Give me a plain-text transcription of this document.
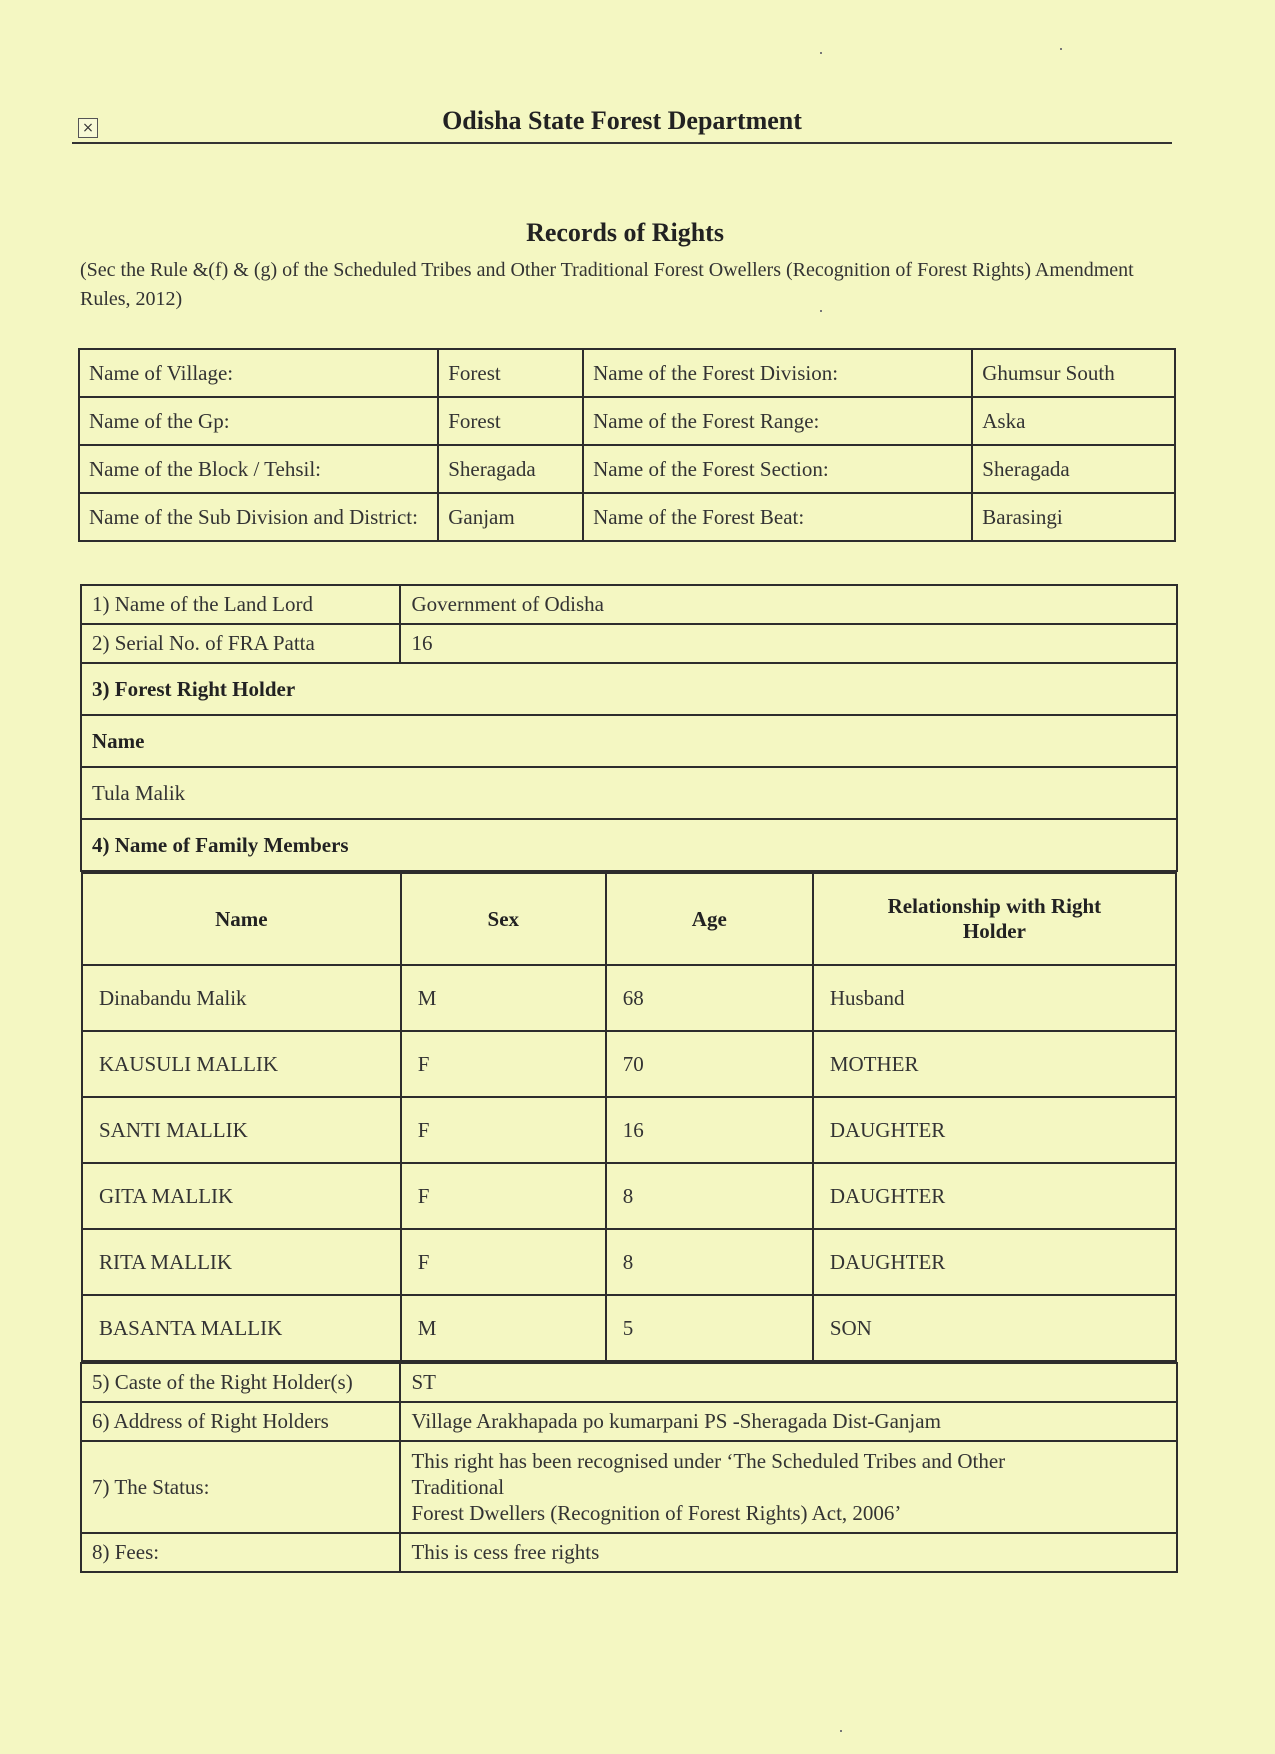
×	Odisha State Forest Department
Records of Rights
(Sec the Rule &(f) & (g) of the Scheduled Tribes and Other Traditional Forest Owellers (Recognition of Forest Rights) Amendment Rules, 2012)
Name of Village:	Forest	Name of the Forest Division:	Ghumsur South
Name of the Gp:	Forest	Name of the Forest Range:	Aska
Name of the Block / Tehsil:	Sheragada	Name of the Forest Section:	Sheragada
Name of the Sub Division and District:	Ganjam	Name of the Forest Beat:	Barasingi
1) Name of the Land Lord	Government of Odisha
2) Serial No. of FRA Patta	16
3) Forest Right Holder
Name
Tula Malik
4) Name of Family Members

Name	Sex	Age	Relationship with Right Holder
Dinabandu Malik	M	68	Husband
KAUSULI MALLIK	F	70	MOTHER
SANTI MALLIK	F	16	DAUGHTER
GITA MALLIK	F	8	DAUGHTER
RITA MALLIK	F	8	DAUGHTER
BASANTA MALLIK	M	5	SON

5) Caste of the Right Holder(s)	ST
6) Address of Right Holders	Village Arakhapada po kumarpani PS -Sheragada Dist-Ganjam
7) The Status:	
This right has been recognised under ‘The Scheduled Tribes and Other
Traditional
Forest Dwellers (Recognition of Forest Rights) Act, 2006’

8) Fees:	This is cess free rights
